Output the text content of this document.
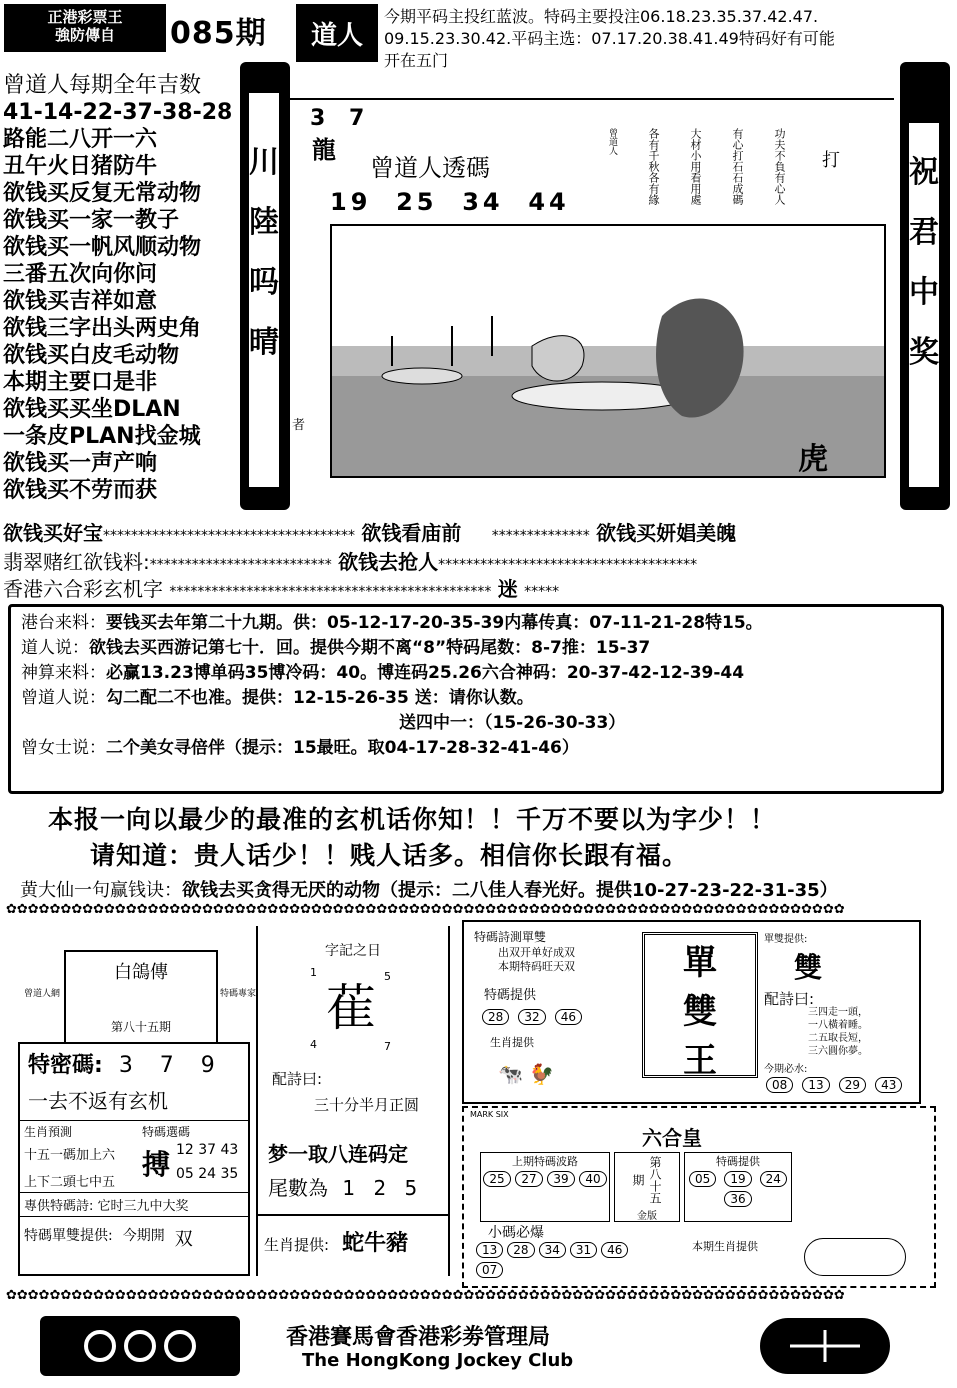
正港彩票王
強防傳自	085期 道人
今期平码主投红蓝波。特码主要投注06.18.23.35.37.42.47.
09.15.23.30.42.平码主选：07.17.20.38.41.49特码好有可能
开在五门
曾道人每期全年吉数
41-14-22-37-38-28
路能二八开一六
丑午火日猪防牛
欲钱买反复无常动物
欲钱买一家一教子
欲钱买一帆风顺动物
三番五次向你问
欲钱买吉祥如意
欲钱三字出头两史角
欲钱买白皮毛动物
本期主要口是非
欲钱买买坐DLAN
一条皮PLAN找金城
欲钱买一声产响
欲钱买不劳而获
川
陸
吗
晴
祝
君
中
奖
3 7
龍
曾道人透碼
19  25  34  44
打
功夫不負有心人
有心打石石成碼
大材小用看用處
各有千秋各有緣
曾道人
虎
者
欲钱买好宝************************************ 欲钱看庙前 ************** 欲钱买妍娼美魄
翡翠赌红欲钱料:************************** 欲钱去抢人*************************************
香港六合彩玄机字 ********************************************** 迷 *****
港台来料：要钱买去年第二十九期。供：05-12-17-20-35-39内幕传真：07-11-21-28特15。
道人说：欲钱去买西游记第七十．回。提供今期不离“8”特码尾数：8-7推：15-37
神算来料：必赢13.23博单码35博冷码：40。博连码25.26六合神码：20-37-42-12-39-44
曾道人说：勾二配二不也准。提供：12-15-26-35 送：请你认数。
送四中一：（15-26-30-33）
曾女士说：二个美女寻倍伴（提示：15最旺。取04-17-28-32-41-46）
本报一向以最少的最准的玄机话你知！！千万不要以为字少！！
请知道：贵人话少！！贱人话多。相信你长跟有福。
黄大仙一句赢钱诀：欲钱去买贪得无厌的动物（提示：二八佳人春光好。提供10-27-23-22-31-35）
✿✿✿✿✿✿✿✿✿✿✿✿✿✿✿✿✿✿✿✿✿✿✿✿✿✿✿✿✿✿✿✿✿✿✿✿✿✿✿✿✿✿✿✿✿✿✿✿✿✿✿✿✿✿✿✿✿✿✿✿✿✿✿✿✿✿✿✿✿✿✿✿✿✿✿✿✿
白鴿傳
曾道人網	特碼專家
第八十五期
特密碼: 3 7 9
一去不返有玄机
生肖預測
十五一碼加上六
上下二頭七中五
特碼選碼
搏 12 37 43
05 24 35
專供特碼詩: 它时三九中大奖
特碼單雙提供: 今期開 双
字記之日
1	5
萑
4	7
配詩曰:
三十分半月正圆
梦一取八连码定
尾數為 1 2 5
生肖提供: 蛇牛豬
特碼詩測單雙
出双开单好成双
本期特码旺天双
特碼提供
28 32 46
生肖提供
🐄 🐓
單
雙
王
單雙提供:
雙
配詩曰:
三四走一頭，
一八橫着睡。
二五取長短，
三六圓你夢。
今期必水:
08 13 29 43
MARK SIX
六合皇
上期特碼波路
25	27	39	40	第八十五期
金版
特碼提供
05	19	24
36
小碼必爆
13	28	34	31	46
07
本期生肖提供
✿✿✿✿✿✿✿✿✿✿✿✿✿✿✿✿✿✿✿✿✿✿✿✿✿✿✿✿✿✿✿✿✿✿✿✿✿✿✿✿✿✿✿✿✿✿✿✿✿✿✿✿✿✿✿✿✿✿✿✿✿✿✿✿✿✿✿✿✿✿✿✿✿✿✿✿✿
香港賽馬會香港彩劵管理局
The HongKong Jockey Club
